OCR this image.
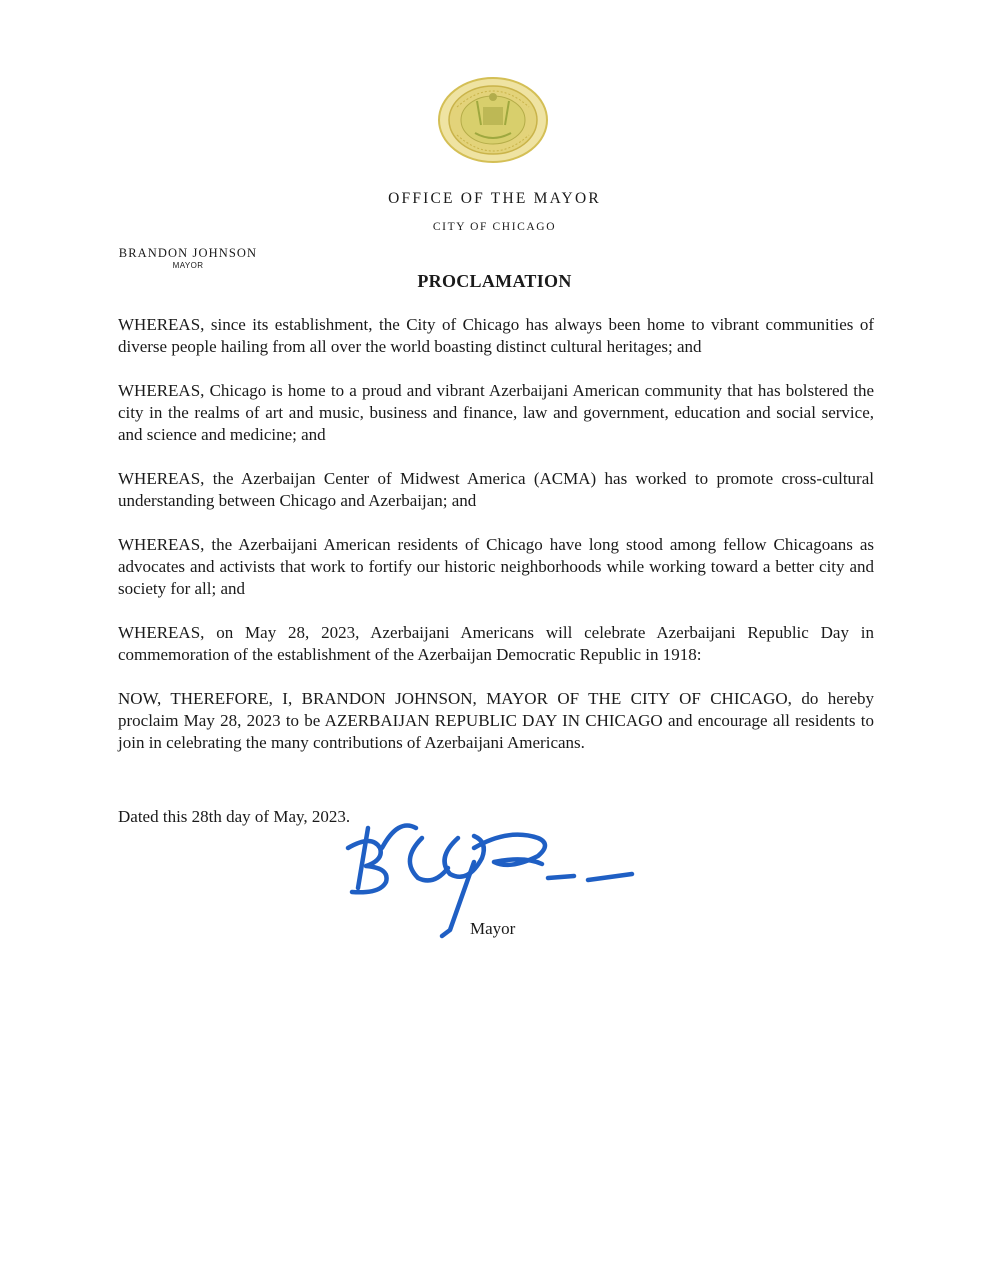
OFFICE OF THE MAYOR
CITY OF CHICAGO
BRANDON JOHNSON
MAYOR
PROCLAMATION

WHEREAS, since its establishment, the City of Chicago has always been home to vibrant communities of diverse people hailing from all over the world boasting distinct cultural heritages; and

WHEREAS, Chicago is home to a proud and vibrant Azerbaijani American community that has bolstered the city in the realms of art and music, business and finance, law and government, education and social service, and science and medicine; and

WHEREAS, the Azerbaijan Center of Midwest America (ACMA) has worked to promote cross-cultural understanding between Chicago and Azerbaijan; and

WHEREAS, the Azerbaijani American residents of Chicago have long stood among fellow Chicagoans as advocates and activists that work to fortify our historic neighborhoods while working toward a better city and society for all; and

WHEREAS, on May 28, 2023, Azerbaijani Americans will celebrate Azerbaijani Republic Day in commemoration of the establishment of the Azerbaijan Democratic Republic in 1918:

NOW, THEREFORE, I, BRANDON JOHNSON, MAYOR OF THE CITY OF CHICAGO, do hereby proclaim May 28, 2023 to be AZERBAIJAN REPUBLIC DAY IN CHICAGO and encourage all residents to join in celebrating the many contributions of Azerbaijani Americans.

Dated this 28th day of May, 2023.
Mayor
